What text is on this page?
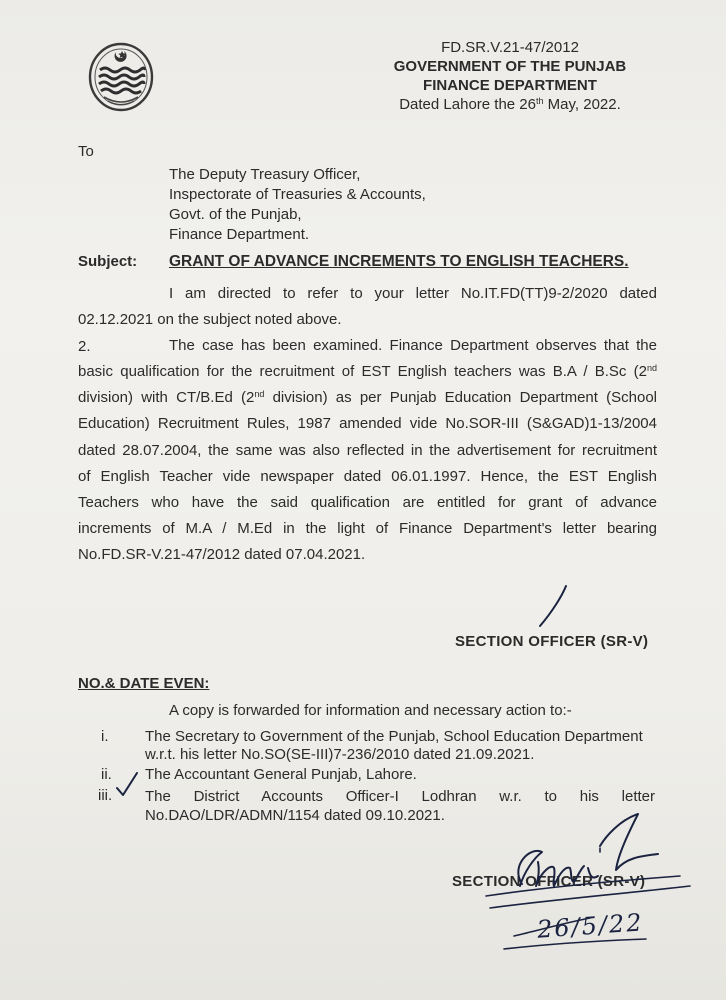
FD.SR.V.21-47/2012
GOVERNMENT OF THE PUNJAB
FINANCE DEPARTMENT
Dated Lahore the 26th May, 2022.
To
The Deputy Treasury Officer,
Inspectorate of Treasuries & Accounts,
Govt. of the Punjab,
Finance Department.
Subject: GRANT OF ADVANCE INCREMENTS TO ENGLISH TEACHERS.
I am directed to refer to your letter No.IT.FD(TT)9-2/2020 dated
02.12.2021 on the subject noted above.
2.	The case has been examined. Finance Department observes that the
basic qualification for the recruitment of EST English teachers was B.A / B.Sc (2nd
division) with CT/B.Ed (2nd division) as per Punjab Education Department (School
Education) Recruitment Rules, 1987 amended vide No.SOR-III (S&GAD)1-13/2004
dated 28.07.2004, the same was also reflected in the advertisement for recruitment
of English Teacher vide newspaper dated 06.01.1997. Hence, the EST English
Teachers who have the said qualification are entitled for grant of advance
increments of M.A / M.Ed in the light of Finance Department's letter bearing
No.FD.SR-V.21-47/2012 dated 07.04.2021.
SECTION OFFICER (SR-V)
NO.& DATE EVEN:
A copy is forwarded for information and necessary action to:-
i. The Secretary to Government of the Punjab, School Education Department
w.r.t. his letter No.SO(SE-III)7-236/2010 dated 21.09.2021.
ii. The Accountant General Punjab, Lahore.
iii. The District Accounts Officer-I Lodhran w.r. to his letter
No.DAO/LDR/ADMN/1154 dated 09.10.2021.
SECTION OFFICER (SR-V)
26/5/22
